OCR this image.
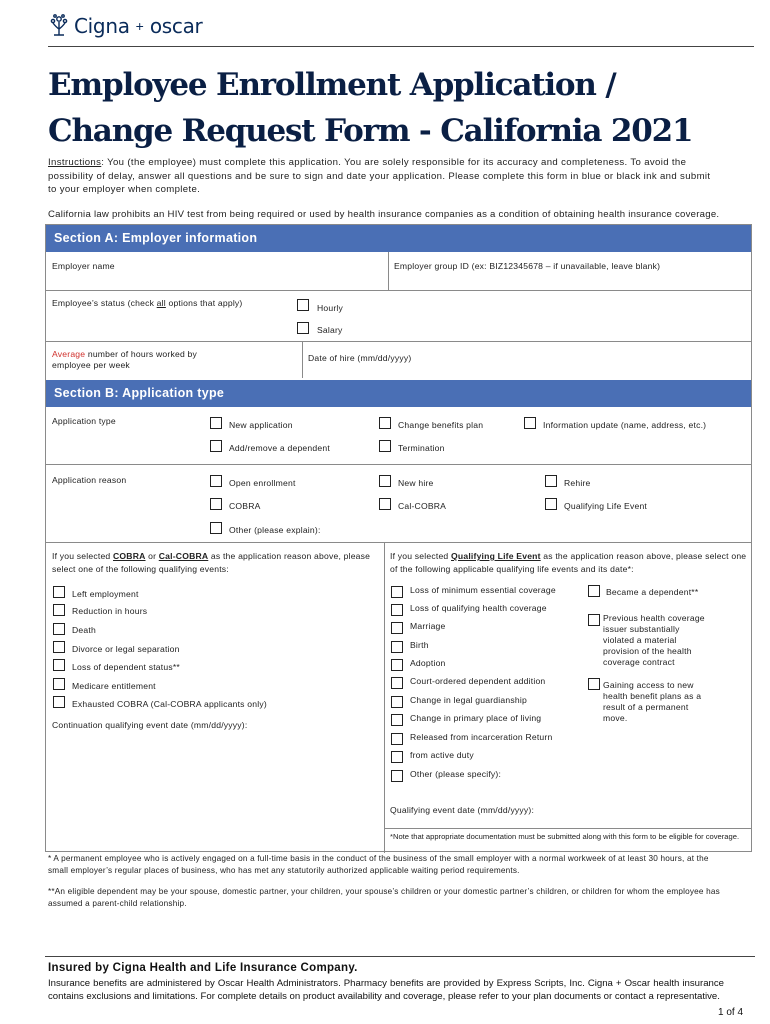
Cigna + oscar
Employee Enrollment Application /
Change Request Form - California 2021
Instructions: You (the employee) must complete this application. You are solely responsible for its accuracy and completeness. To avoid the possibility of delay, answer all questions and be sure to sign and date your application. Please complete this form in blue or black ink and submit to your employer when complete.
California law prohibits an HIV test from being required or used by health insurance companies as a condition of obtaining health insurance coverage.
Section A: Employer information
Employer name	Employer group ID (ex: BIZ12345678 – if unavailable, leave blank)
Employee’s status (check all options that apply)	Hourly
Salary
Average number of hours worked by
employee per week
Date of hire (mm/dd/yyyy)
Section B: Application type
Application type	New application	Change benefits plan	Information update (name, address, etc.)
Add/remove a dependent	Termination
Application reason	Open enrollment	New hire	Rehire
COBRA	Cal-COBRA	Qualifying Life Event
Other (please explain):
If you selected COBRA or Cal-COBRA as the application reason above, please select one of the following qualifying events:
Left employment
Reduction in hours
Death
Divorce or legal separation
Loss of dependent status**
Medicare entitlement
Exhausted COBRA (Cal-COBRA applicants only)
Continuation qualifying event date (mm/dd/yyyy):
If you selected Qualifying Life Event as the application reason above, please select one of the following applicable qualifying life events and its date*:
Loss of minimum essential coverage
Loss of qualifying health coverage
Marriage
Birth
Adoption
Court-ordered dependent addition
Change in legal guardianship
Change in primary place of living
Released from incarceration Return
from active duty
Other (please specify):
Became a dependent**
Previous health coverage
issuer substantially
violated a material
provision of the health
coverage contract
Gaining access to new
health benefit plans as a
result of a permanent
move.
Qualifying event date (mm/dd/yyyy):
*Note that appropriate documentation must be submitted along with this form to be eligible for coverage.
* A permanent employee who is actively engaged on a full-time basis in the conduct of the business of the small employer with a normal workweek of at least 30 hours, at the small employer’s regular places of business, who has met any statutorily authorized applicable waiting period requirements.
**An eligible dependent may be your spouse, domestic partner, your children, your spouse’s children or your domestic partner’s children, or children for whom the employee has assumed a parent-child relationship.
Insured by Cigna Health and Life Insurance Company.
Insurance benefits are administered by Oscar Health Administrators. Pharmacy benefits are provided by Express Scripts, Inc. Cigna + Oscar health insurance contains exclusions and limitations. For complete details on product availability and coverage, please refer to your plan documents or contact a representative.
1 of 4
